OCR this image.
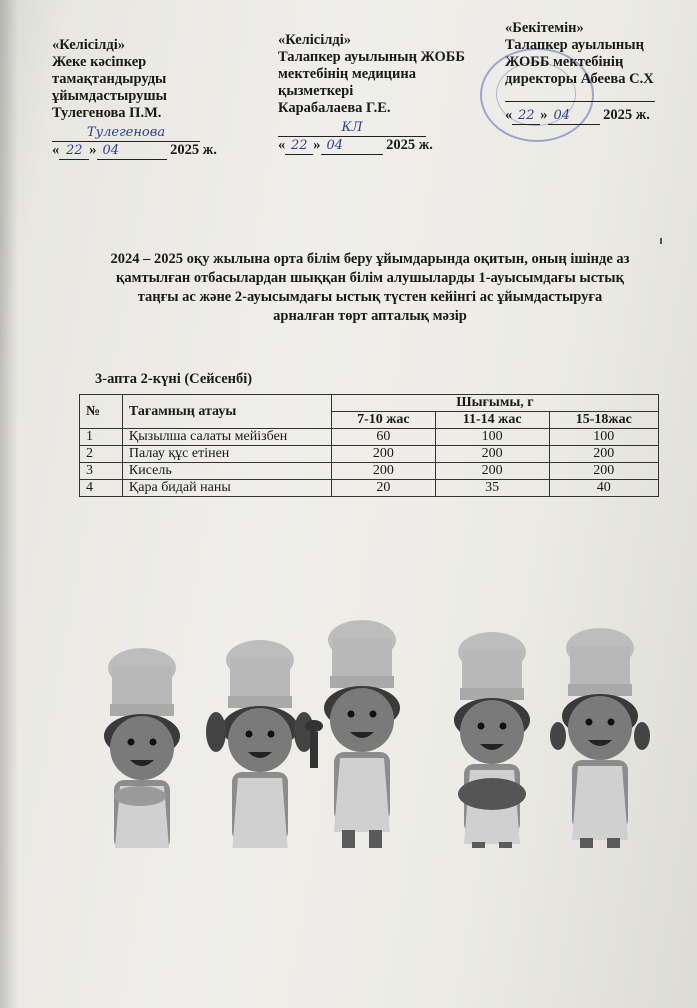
«Келісілді»
Жеке кәсіпкер
тамақтандыруды
ұйымдастырушы
Тулегенова П.М.
Тулегенова
« 22 » 04	2025 ж.
«Келісілді»
Талапкер ауылының ЖОББ
мектебінің медицина
қызметкері
Карабалаева Г.Е.
КЛ
« 22 » 04	2025 ж.
«Бекітемін»
Талапкер ауылының
ЖОББ мектебінің
директоры Абеева С.Х
« 22 » 04 2025 ж.
2024 – 2025 оқу жылына орта білім беру ұйымдарында оқитын, оның ішінде аз
қамтылған отбасылардан шыққан білім алушыларды 1-ауысымдағы ыстық
таңғы ас және 2-ауысымдағы ыстық түстен кейінгі ас ұйымдастыруға
арналған төрт апталық мәзір
3-апта 2-күні (Сейсенбі)
№	Тағамның атауы	Шығымы, г		
		7-10 жас	11-14 жас	15-18жас
1	Қызылша салаты мейізбен	60	100	100
2	Палау құс етінен	200	200	200
3	Кисель	200	200	200
4	Қара бидай наны	20	35	40
